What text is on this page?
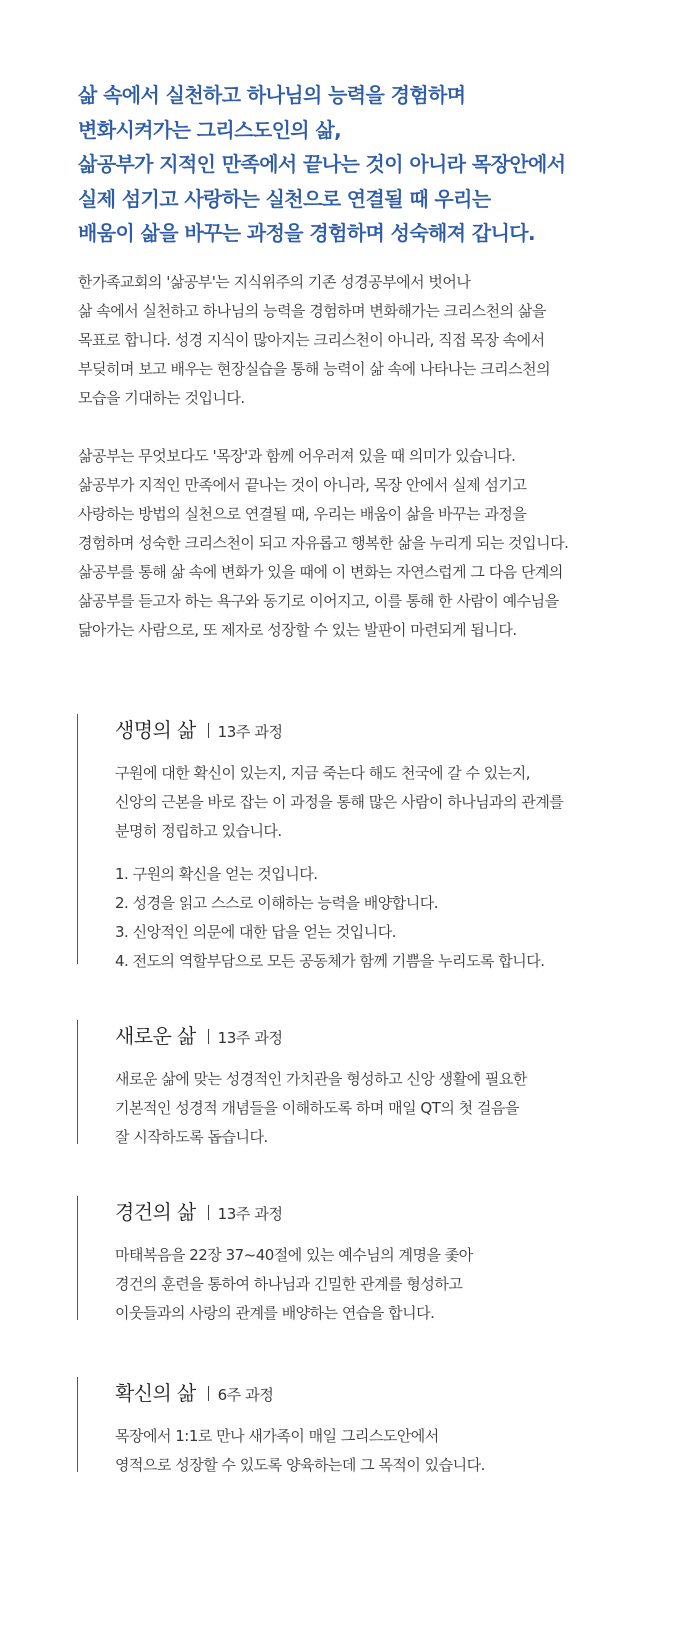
삶 속에서 실천하고 하나님의 능력을 경험하며
변화시켜가는 그리스도인의 삶,
삶공부가 지적인 만족에서 끝나는 것이 아니라 목장안에서
실제 섬기고 사랑하는 실천으로 연결될 때 우리는
배움이 삶을 바꾸는 과정을 경험하며 성숙해져 갑니다.
한가족교회의 '삶공부'는 지식위주의 기존 성경공부에서 벗어나
삶 속에서 실천하고 하나님의 능력을 경험하며 변화해가는 크리스천의 삶을
목표로 합니다. 성경 지식이 많아지는 크리스천이 아니라, 직접 목장 속에서
부딪히며 보고 배우는 현장실습을 통해 능력이 삶 속에 나타나는 크리스천의
모습을 기대하는 것입니다.
삶공부는 무엇보다도 '목장'과 함께 어우러져 있을 때 의미가 있습니다.
삶공부가 지적인 만족에서 끝나는 것이 아니라, 목장 안에서 실제 섬기고
사랑하는 방법의 실천으로 연결될 때, 우리는 배움이 삶을 바꾸는 과정을
경험하며 성숙한 크리스천이 되고 자유롭고 행복한 삶을 누리게 되는 것입니다.
삶공부를 통해 삶 속에 변화가 있을 때에 이 변화는 자연스럽게 그 다음 단계의
삶공부를 듣고자 하는 욕구와 동기로 이어지고, 이를 통해 한 사람이 예수님을
닮아가는 사람으로, 또 제자로 성장할 수 있는 발판이 마련되게 됩니다.
생명의 삶 13주 과정
구원에 대한 확신이 있는지, 지금 죽는다 해도 천국에 갈 수 있는지,
신앙의 근본을 바로 잡는 이 과정을 통해 많은 사람이 하나님과의 관계를
분명히 정립하고 있습니다.
1. 구원의 확신을 얻는 것입니다.
2. 성경을 읽고 스스로 이해하는 능력을 배양합니다.
3. 신앙적인 의문에 대한 답을 얻는 것입니다.
4. 전도의 역할부담으로 모든 공동체가 함께 기쁨을 누리도록 합니다.
새로운 삶 13주 과정
새로운 삶에 맞는 성경적인 가치관을 형성하고 신앙 생활에 필요한
기본적인 성경적 개념들을 이해하도록 하며 매일 QT의 첫 걸음을
잘 시작하도록 돕습니다.
경건의 삶 13주 과정
마태복음을 22장 37~40절에 있는 예수님의 계명을 좇아
경건의 훈련을 통하여 하나님과 긴밀한 관계를 형성하고
이웃들과의 사랑의 관계를 배양하는 연습을 합니다.
확신의 삶 6주 과정
목장에서 1:1로 만나 새가족이 매일 그리스도안에서
영적으로 성장할 수 있도록 양육하는데 그 목적이 있습니다.
